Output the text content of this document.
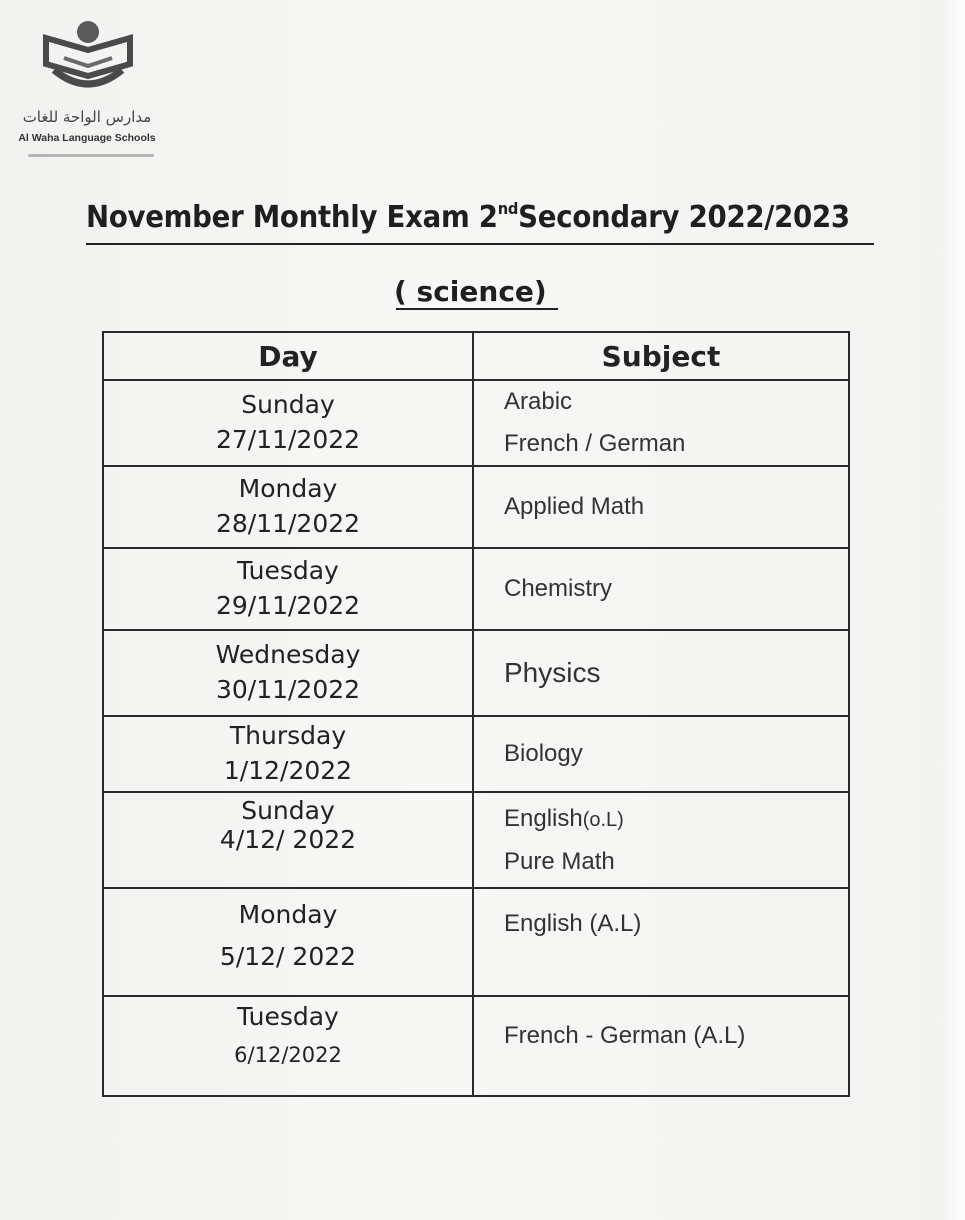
مدارس الواحة للغات
Al Waha Language Schools
November Monthly Exam 2ndSecondary 2022/2023
( science)
Day	Subject

Sunday
27/11/2022	Arabic
French / German

Monday
28/11/2022	Applied Math

Tuesday
29/11/2022	Chemistry

Wednesday
30/11/2022	Physics

Thursday
1/12/2022	Biology

Sunday
4/12/ 2022	English(o.L)
Pure Math

Monday
5/12/ 2022	English (A.L)

Tuesday
6/12/2022	French - German (A.L)
